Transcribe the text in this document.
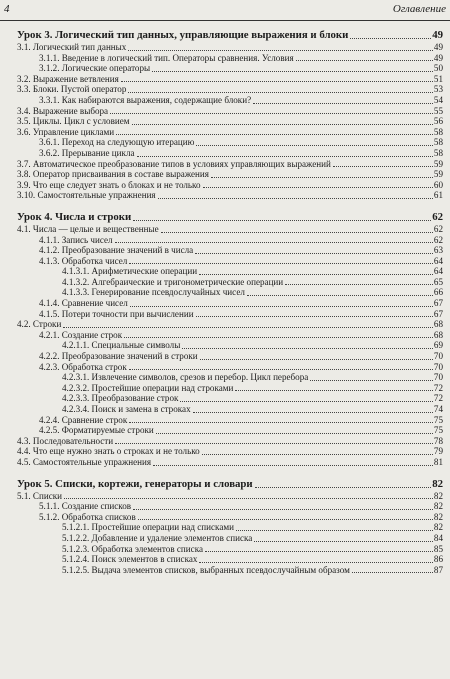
4	Оглавление
Урок 3. Логический тип данных, управляющие выражения и блоки	49
3.1. Логический тип данных	49
3.1.1. Введение в логический тип. Операторы сравнения. Условия	49
3.1.2. Логические операторы	50
3.2. Выражение ветвления	51
3.3. Блоки. Пустой оператор	53
3.3.1. Как набираются выражения, содержащие блоки?	54
3.4. Выражение выбора	55
3.5. Циклы. Цикл с условием	56
3.6. Управление циклами	58
3.6.1. Переход на следующую итерацию	58
3.6.2. Прерывание цикла	58
3.7. Автоматическое преобразование типов в условиях управляющих выражений	59
3.8. Оператор присваивания в составе выражения	59
3.9. Что еще следует знать о блоках и не только	60
3.10. Самостоятельные упражнения	61
Урок 4. Числа и строки	62
4.1. Числа — целые и вещественные	62
4.1.1. Запись чисел	62
4.1.2. Преобразование значений в числа	63
4.1.3. Обработка чисел	64
4.1.3.1. Арифметические операции	64
4.1.3.2. Алгебраические и тригонометрические операции	65
4.1.3.3. Генерирование псевдослучайных чисел	66
4.1.4. Сравнение чисел	67
4.1.5. Потери точности при вычислении	67
4.2. Строки	68
4.2.1. Создание строк	68
4.2.1.1. Специальные символы	69
4.2.2. Преобразование значений в строки	70
4.2.3. Обработка строк	70
4.2.3.1. Извлечение символов, срезов и перебор. Цикл перебора	70
4.2.3.2. Простейшие операции над строками	72
4.2.3.3. Преобразование строк	72
4.2.3.4. Поиск и замена в строках	74
4.2.4. Сравнение строк	75
4.2.5. Форматируемые строки	75
4.3. Последовательности	78
4.4. Что еще нужно знать о строках и не только	79
4.5. Самостоятельные упражнения	81
Урок 5. Списки, кортежи, генераторы и словари	82
5.1. Списки	82
5.1.1. Создание списков	82
5.1.2. Обработка списков	82
5.1.2.1. Простейшие операции над списками	82
5.1.2.2. Добавление и удаление элементов списка	84
5.1.2.3. Обработка элементов списка	85
5.1.2.4. Поиск элементов в списках	86
5.1.2.5. Выдача элементов списков, выбранных псевдослучайным образом	87
